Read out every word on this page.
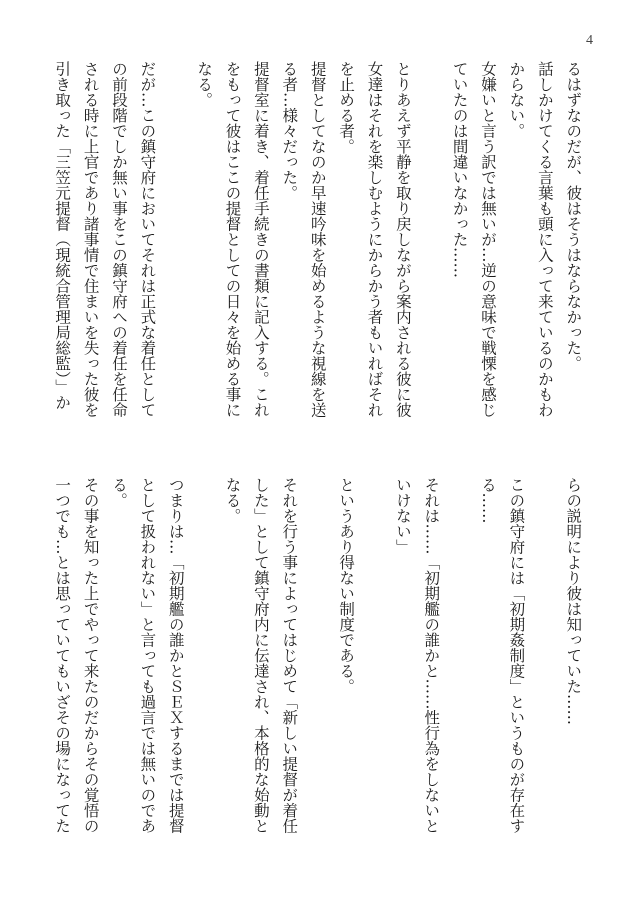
4
るはずなのだが、彼はそうはならなかった。
話しかけてくる言葉も頭に入って来ているのかもわ
からない。
女嫌いと言う訳では無いが…逆の意味で戦慄を感じ
ていたのは間違いなかった……
とりあえず平静を取り戻しながら案内される彼に彼
女達はそれを楽しむようにからかう者もいればそれ
を止める者。
提督としてなのか早速吟味を始めるような視線を送
る者…様々だった。
提督室に着き、着任手続きの書類に記入する。これ
をもって彼はここの提督としての日々を始める事に
なる。
だが…この鎮守府においてそれは正式な着任として
の前段階でしか無い事をこの鎮守府への着任を任命
される時に上官であり諸事情で住まいを失った彼を
引き取った「三笠元提督（現統合管理局総監）」か
らの説明により彼は知っていた……
この鎮守府には「初期姦制度」というものが存在す
る……
それは……「初期艦の誰かと……性行為をしないと
いけない」
というあり得ない制度である。
それを行う事によってはじめて「新しい提督が着任
した」として鎮守府内に伝達され、本格的な始動と
なる。
つまりは…「初期艦の誰かとＳＥＸするまでは提督
として扱われない」と言っても過言では無いのであ
る。
その事を知った上でやって来たのだからその覚悟の
一つでも…とは思っていてもいざその場になってた
